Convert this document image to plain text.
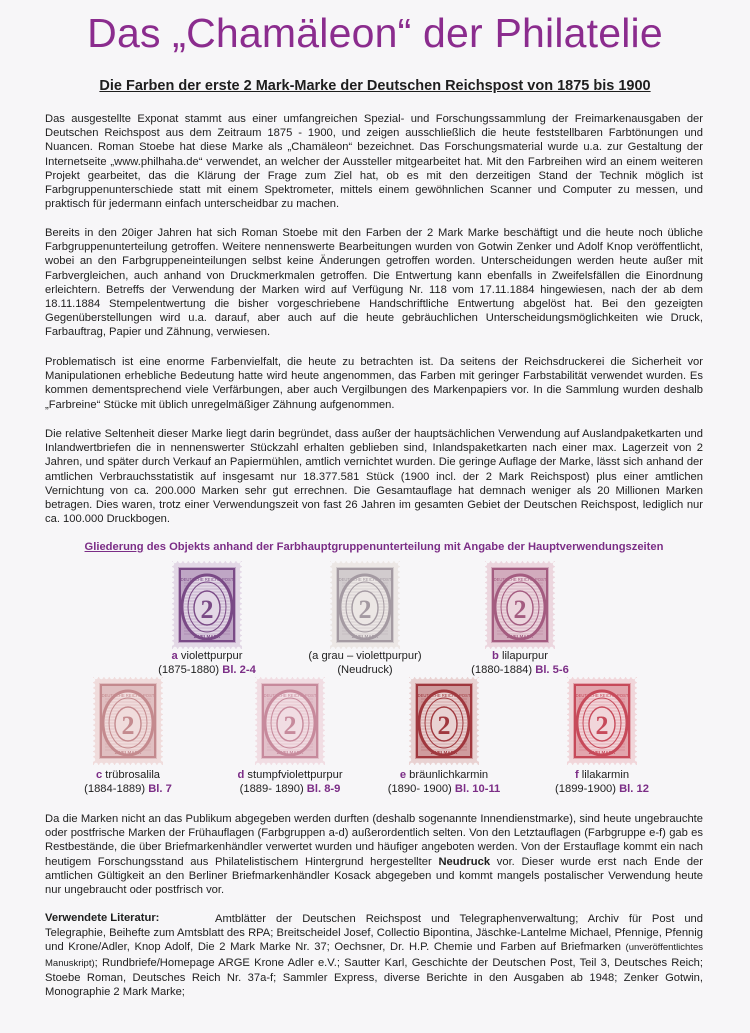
Das „Chamäleon“ der Philatelie
Die Farben der erste 2 Mark-Marke der Deutschen Reichspost von 1875 bis 1900

Das ausgestellte Exponat stammt aus einer umfangreichen Spezial- und Forschungssammlung der Freimarkenausgaben der Deutschen Reichspost aus dem Zeitraum 1875 - 1900, und zeigen ausschließlich die heute feststellbaren Farbtönungen und Nuancen. Roman Stoebe hat diese Marke als „Chamäleon“ bezeichnet. Das Forschungsmaterial wurde u.a. zur Gestaltung der Internetseite „www.philhaha.de“ verwendet, an welcher der Aussteller mitgearbeitet hat. Mit den Farbreihen wird an einem weiteren Projekt gearbeitet, das die Klärung der Frage zum Ziel hat, ob es mit den derzeitigen Stand der Technik möglich ist Farbgruppenunterschiede statt mit einem Spektrometer, mittels einem gewöhnlichen Scanner und Computer zu messen, und praktisch für jedermann einfach unterscheidbar zu machen.

Bereits in den 20iger Jahren hat sich Roman Stoebe mit den Farben der 2 Mark Marke beschäftigt und die heute noch übliche Farbgruppenunterteilung getroffen. Weitere nennenswerte Bearbeitungen wurden von Gotwin Zenker und Adolf Knop veröffentlicht, wobei an den Farbgruppeneinteilungen selbst keine Änderungen getroffen worden. Unterscheidungen werden heute außer mit Farbvergleichen, auch anhand von Druckmerkmalen getroffen. Die Entwertung kann ebenfalls in Zweifelsfällen die Einordnung erleichtern. Betreffs der Verwendung der Marken wird auf Verfügung Nr. 118 vom 17.11.1884 hingewiesen, nach der ab dem 18.11.1884 Stempelentwertung die bisher vorgeschriebene Handschriftliche Entwertung abgelöst hat. Bei den gezeigten Gegenüberstellungen wird u.a. darauf, aber auch auf die heute gebräuchlichen Unterscheidungsmöglichkeiten wie Druck, Farbauftrag, Papier und Zähnung, verwiesen.

Problematisch ist eine enorme Farbenvielfalt, die heute zu betrachten ist. Da seitens der Reichsdruckerei die Sicherheit vor Manipulationen erhebliche Bedeutung hatte wird heute angenommen, das Farben mit geringer Farbstabilität verwendet wurden. Es kommen dementsprechend viele Verfärbungen, aber auch Vergilbungen des Markenpapiers vor. In die Sammlung wurden deshalb „Farbreine“ Stücke mit üblich unregelmäßiger Zähnung aufgenommen.

Die relative Seltenheit dieser Marke liegt darin begründet, dass außer der hauptsächlichen Verwendung auf Auslandpaketkarten und Inlandwertbriefen die in nennenswerter Stückzahl erhalten geblieben sind, Inlandspaketkarten nach einer max. Lagerzeit von 2 Jahren, und später durch Verkauf an Papiermühlen, amtlich vernichtet wurden. Die geringe Auflage der Marke, lässt sich anhand der amtlichen Verbrauchsstatistik auf insgesamt nur 18.377.581 Stück (1900 incl. der 2 Mark Reichspost) plus einer amtlichen Vernichtung von ca. 200.000 Marken sehr gut errechnen. Die Gesamtauflage hat demnach weniger als 20 Millionen Marken betragen. Dies waren, trotz einer Verwendungszeit von fast 26 Jahren im gesamten Gebiet der Deutschen Reichspost, lediglich nur ca. 100.000 Druckbogen.

Gliederung des Objekts anhand der Farbhauptgruppenunterteilung mit Angabe der Hauptverwendungszeiten
DEUTSCHE REICHS-POST
2
ZWEI MARK
DEUTSCHE REICHS-POST
2
ZWEI MARK
DEUTSCHE REICHS-POST
2
ZWEI MARK
a violettpurpur
(1875-1880) Bl. 2-4
(a grau – violettpurpur)
(Neudruck)
b lilapurpur
(1880-1884) Bl. 5-6
DEUTSCHE REICHS-POST
2
ZWEI MARK
DEUTSCHE REICHS-POST
2
ZWEI MARK
DEUTSCHE REICHS-POST
2
ZWEI MARK
DEUTSCHE REICHS-POST
2
ZWEI MARK
c trübrosalila
(1884-1889) Bl. 7
d stumpfviolettpurpur
(1889- 1890) Bl. 8-9
e bräunlichkarmin
(1890- 1900) Bl. 10-11
f lilakarmin
(1899-1900) Bl. 12

Da die Marken nicht an das Publikum abgegeben werden durften (deshalb sogenannte Innendienstmarke), sind heute ungebrauchte oder postfrische Marken der Frühauflagen (Farbgruppen a-d) außerordentlich selten. Von den Letztauflagen (Farbgruppe e-f) gab es Restbestände, die über Briefmarkenhändler verwertet wurden und häufiger angeboten werden. Von der Erstauflage kommt ein nach heutigem Forschungsstand aus Philatelistischem Hintergrund hergestellter Neudruck vor. Dieser wurde erst nach Ende der amtlichen Gültigkeit an den Berliner Briefmarkenhändler Kosack abgegeben und kommt mangels postalischer Verwendung heute nur ungebraucht oder postfrisch vor.

Verwendete Literatur:	Amtblätter der Deutschen Reichspost und Telegraphenverwaltung; Archiv für Post und Telegraphie, Beihefte zum Amtsblatt des RPA; Breitscheidel Josef, Collectio Bipontina, Jäschke-Lantelme Michael, Pfennige, Pfennig und Krone/Adler, Knop Adolf, Die 2 Mark Marke Nr. 37; Oechsner, Dr. H.P. Chemie und Farben auf Briefmarken (unveröffentlichtes Manuskript); Rundbriefe/Homepage ARGE Krone Adler e.V.; Sautter Karl, Geschichte der Deutschen Post, Teil 3, Deutsches Reich; Stoebe Roman, Deutsches Reich Nr. 37a-f; Sammler Express, diverse Berichte in den Ausgaben ab 1948; Zenker Gotwin, Monographie 2 Mark Marke;
